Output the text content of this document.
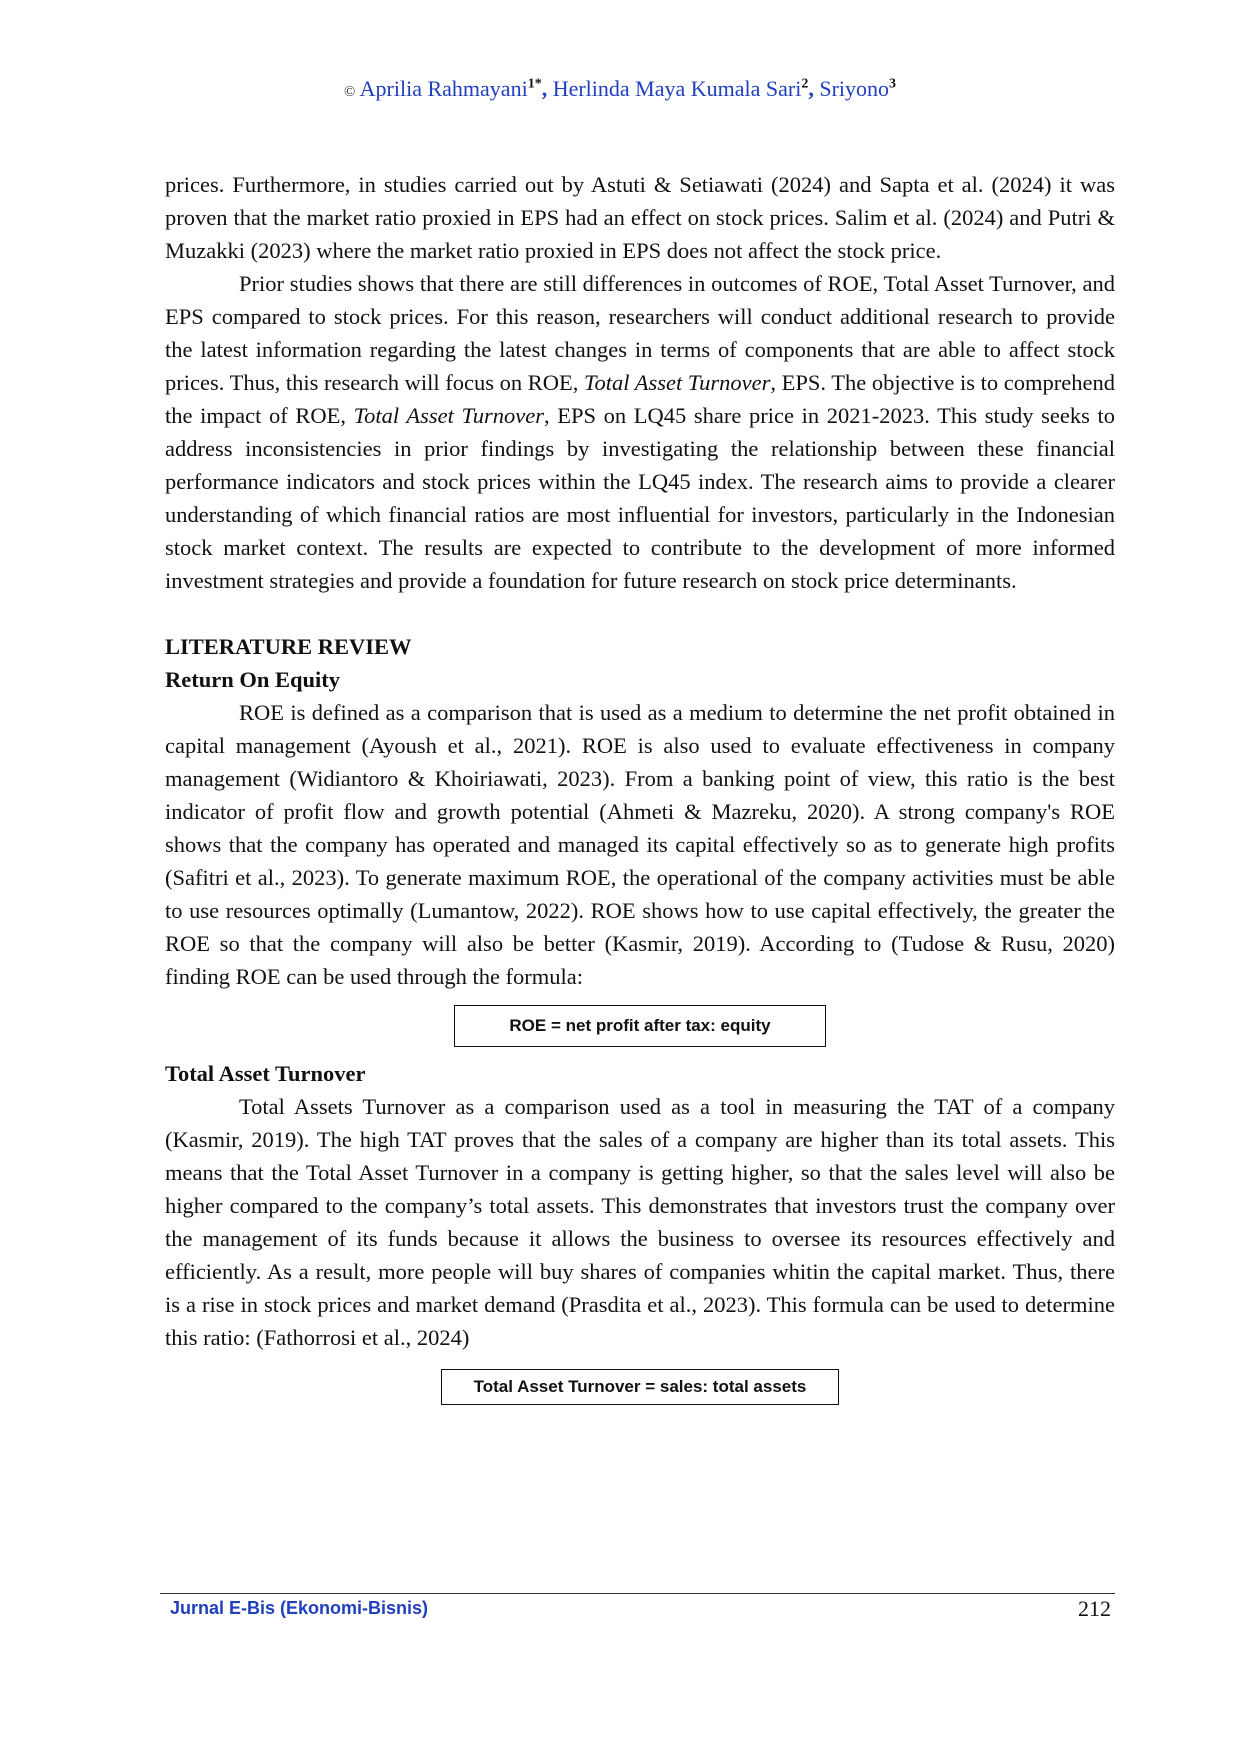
© Aprilia Rahmayani$^{1*}$, Herlinda Maya Kumala Sari$^2$, Sriyono$^3$

prices. Furthermore, in studies carried out by Astuti & Setiawati (2024) and Sapta et al. (2024) it was proven that the market ratio proxied in EPS had an effect on stock prices. Salim et al. (2024) and Putri & Muzakki (2023) where the market ratio proxied in EPS does not affect the stock price.

Prior studies shows that there are still differences in outcomes of ROE, Total Asset Turnover, and EPS compared to stock prices. For this reason, researchers will conduct additional research to provide the latest information regarding the latest changes in terms of components that are able to affect stock prices. Thus, this research will focus on ROE, Total Asset Turnover, EPS. The objective is to comprehend the impact of ROE, Total Asset Turnover, EPS on LQ45 share price in 2021-2023. This study seeks to address inconsistencies in prior findings by investigating the relationship between these financial performance indicators and stock prices within the LQ45 index. The research aims to provide a clearer understanding of which financial ratios are most influential for investors, particularly in the Indonesian stock market context. The results are expected to contribute to the development of more informed investment strategies and provide a foundation for future research on stock price determinants.

LITERATURE REVIEW

Return On Equity

ROE is defined as a comparison that is used as a medium to determine the net profit obtained in capital management (Ayoush et al., 2021). ROE is also used to evaluate effectiveness in company management (Widiantoro & Khoiriawati, 2023). From a banking point of view, this ratio is the best indicator of profit flow and growth potential (Ahmeti & Mazreku, 2020). A strong company's ROE shows that the company has operated and managed its capital effectively so as to generate high profits (Safitri et al., 2023). To generate maximum ROE, the operational of the company activities must be able to use resources optimally (Lumantow, 2022). ROE shows how to use capital effectively, the greater the ROE so that the company will also be better (Kasmir, 2019). According to (Tudose & Rusu, 2020) finding ROE can be used through the formula:

ROE = net profit after tax: equity

Total Asset Turnover

Total Assets Turnover as a comparison used as a tool in measuring the TAT of a company (Kasmir, 2019). The high TAT proves that the sales of a company are higher than its total assets. This means that the Total Asset Turnover in a company is getting higher, so that the sales level will also be higher compared to the company’s total assets. This demonstrates that investors trust the company over the management of its funds because it allows the business to oversee its resources effectively and efficiently. As a result, more people will buy shares of companies whitin the capital market. Thus, there is a rise in stock prices and market demand (Prasdita et al., 2023). This formula can be used to determine this ratio: (Fathorrosi et al., 2024)

Total Asset Turnover = sales: total assets
Jurnal E-Bis (Ekonomi-Bisnis)	212
